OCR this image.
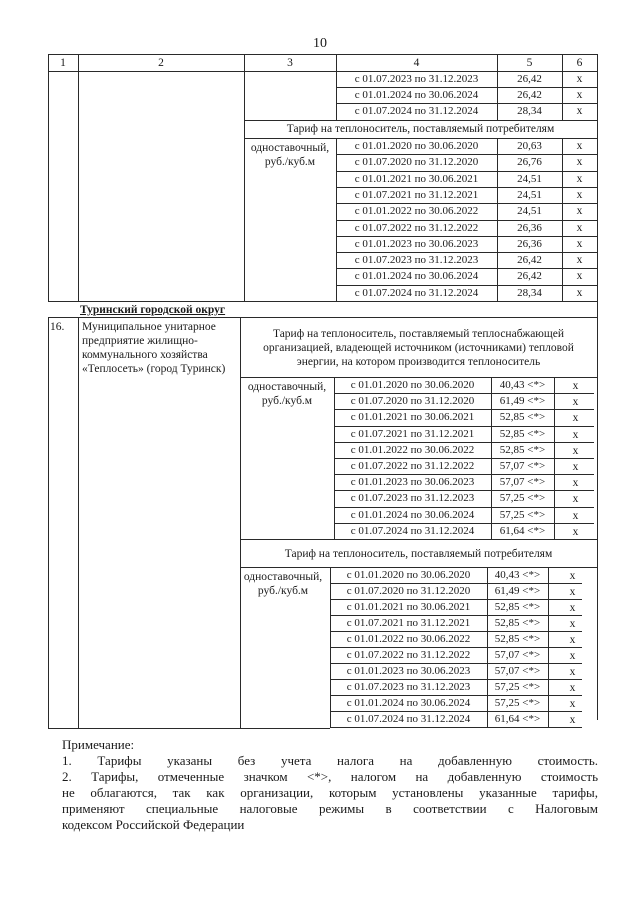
10
1	2	3	4	5	6
с 01.07.2023 по 31.12.2023	26,42	х
с 01.01.2024 по 30.06.2024	26,42	х
с 01.07.2024 по 31.12.2024	28,34	х
Тариф на теплоноситель, поставляемый потребителям
одноставочный,
руб./куб.м
с 01.01.2020 по 30.06.2020	20,63	х
с 01.07.2020 по 31.12.2020	26,76	х
с 01.01.2021 по 30.06.2021	24,51	х
с 01.07.2021 по 31.12.2021	24,51	х
с 01.01.2022 по 30.06.2022	24,51	х
с 01.07.2022 по 31.12.2022	26,36	х
с 01.01.2023 по 30.06.2023	26,36	х
с 01.07.2023 по 31.12.2023	26,42	х
с 01.01.2024 по 30.06.2024	26,42	х
с 01.07.2024 по 31.12.2024	28,34	х
Туринский городской округ
16.	Муниципальное унитарное
предприятие жилищно-
коммунального хозяйства
«Теплосеть» (город Туринск)
Тариф на теплоноситель, поставляемый теплоснабжающей
организацией, владеющей источником (источниками) тепловой
энергии, на котором производится теплоноситель
одноставочный,
руб./куб.м
с 01.01.2020 по 30.06.2020	40,43 <*>	х
с 01.07.2020 по 31.12.2020	61,49 <*>	х
с 01.01.2021 по 30.06.2021	52,85 <*>	х
с 01.07.2021 по 31.12.2021	52,85 <*>	х
с 01.01.2022 по 30.06.2022	52,85 <*>	х
с 01.07.2022 по 31.12.2022	57,07 <*>	х
с 01.01.2023 по 30.06.2023	57,07 <*>	х
с 01.07.2023 по 31.12.2023	57,25 <*>	х
с 01.01.2024 по 30.06.2024	57,25 <*>	х
с 01.07.2024 по 31.12.2024	61,64 <*>	х
Тариф на теплоноситель, поставляемый потребителям
одноставочный,
руб./куб.м
с 01.01.2020 по 30.06.2020	40,43 <*>	х
с 01.07.2020 по 31.12.2020	61,49 <*>	х
с 01.01.2021 по 30.06.2021	52,85 <*>	х
с 01.07.2021 по 31.12.2021	52,85 <*>	х
с 01.01.2022 по 30.06.2022	52,85 <*>	х
с 01.07.2022 по 31.12.2022	57,07 <*>	х
с 01.01.2023 по 30.06.2023	57,07 <*>	х
с 01.07.2023 по 31.12.2023	57,25 <*>	х
с 01.01.2024 по 30.06.2024	57,25 <*>	х
с 01.07.2024 по 31.12.2024	61,64 <*>	х

Примечание:

1. Тарифы указаны без учета налога на добавленную стоимость.

2. Тарифы, отмеченные значком <*>, налогом на добавленную стоимость

не облагаются, так как организации, которым установлены указанные тарифы,

применяют специальные налоговые режимы в соответствии с Налоговым

кодексом Российской Федерации
